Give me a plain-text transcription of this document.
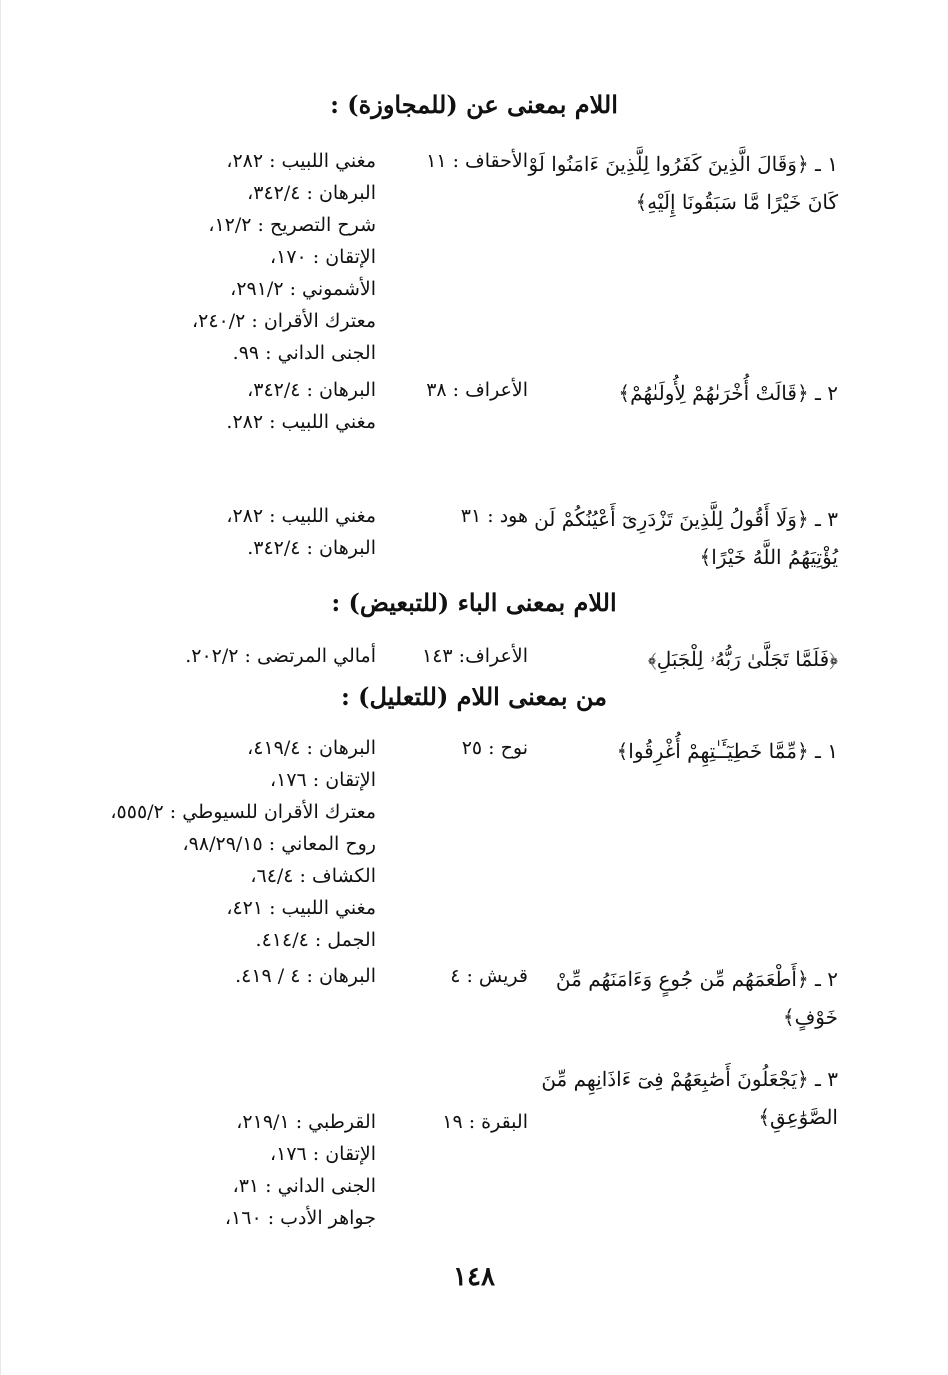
اللام بمعنى عن (للمجاوزة) :
١ ـ ﴿وَقَالَ الَّذِينَ كَفَرُوا لِلَّذِينَ ءَامَنُوا لَوْ كَانَ خَيْرًا مَّا سَبَقُونَا إِلَيْهِ﴾
الأحقاف : ١١
مغني اللبيب : ٢٨٢،
البرهان : ٣٤٢/٤،
شرح التصريح : ١٢/٢،
الإتقان : ١٧٠،
الأشموني : ٢٩١/٢،
معترك الأقران : ٢٤٠/٢،
الجنى الداني : ٩٩.
٢ ـ ﴿قَالَتْ أُخْرَىٰهُمْ لِأُولَىٰهُمْ﴾
الأعراف : ٣٨
البرهان : ٣٤٢/٤،
مغني اللبيب : ٢٨٢.
٣ ـ ﴿وَلَا أَقُولُ لِلَّذِينَ تَزْدَرِىٓ أَعْيُنُكُمْ لَن يُؤْتِيَهُمُ اللَّهُ خَيْرًا﴾
هود : ٣١
مغني اللبيب : ٢٨٢،
البرهان : ٣٤٢/٤.
اللام بمعنى الباء (للتبعيض) :
﴿فَلَمَّا تَجَلَّىٰ رَبُّهُۥ لِلْجَبَلِ﴾
الأعراف: ١٤٣
أمالي المرتضى : ٢٠٢/٢.
من بمعنى اللام (للتعليل) :
١ ـ ﴿مِّمَّا خَطِيٓـَٔـٰتِهِمْ أُغْرِقُوا﴾
نوح : ٢٥
البرهان : ٤١٩/٤،
الإتقان : ١٧٦،
معترك الأقران للسيوطي : ٥٥٥/٢،
روح المعاني : ٩٨/٢٩/١٥،
الكشاف : ٦٤/٤،
مغني اللبيب : ٤٢١،
الجمل : ٤١٤/٤.
٢ ـ ﴿أَطْعَمَهُم مِّن جُوعٍ وَءَامَنَهُم مِّنْ خَوْفٍ﴾
قريش : ٤
البرهان : ٤ / ٤١٩.
٣ ـ ﴿يَجْعَلُونَ أَصَٰبِعَهُمْ فِىٓ ءَاذَانِهِم مِّنَ الصَّوَٰعِقِ﴾
البقرة : ١٩
القرطبي : ٢١٩/١،
الإتقان : ١٧٦،
الجنى الداني : ٣١،
جواهر الأدب : ١٦٠،
١٤٨
